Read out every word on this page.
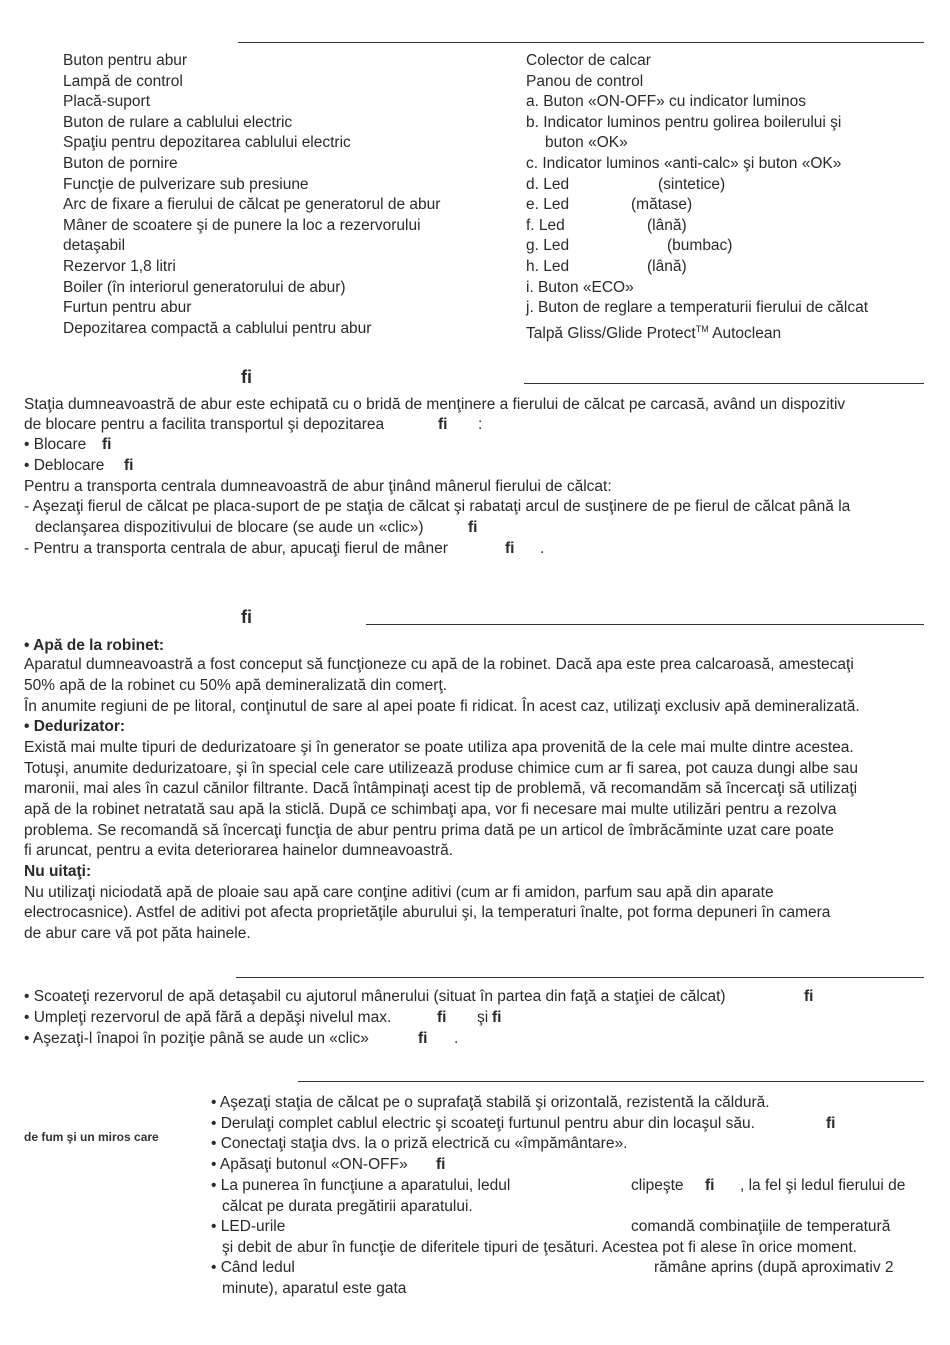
Buton pentru abur
Lampă de control
Placă-suport
Buton de rulare a cablului electric
Spaţiu pentru depozitarea cablului electric
Buton de pornire
Funcţie de pulverizare sub presiune
Arc de fixare a fierului de călcat pe generatorul de abur
Mâner de scoatere şi de punere la loc a rezervorului
detaşabil
Rezervor 1,8 litri
Boiler (în interiorul generatorului de abur)
Furtun pentru abur
Depozitarea compactă a cablului pentru abur
Colector de calcar
Panou de control
a. Buton «ON-OFF» cu indicator luminos
b. Indicator luminos pentru golirea boilerului şi
buton «OK»
c. Indicator luminos «anti-calc» şi buton «OK»
d. Led	(sintetice)

e. Led	(mătase)

f. Led	(lână)

g. Led	(bumbac)

h. Led	(lână)

i. Buton «ECO»
j. Buton de reglare a temperaturii fierului de călcat
Talpă Gliss/Glide Protect™ Autoclean
fi
Staţia dumneavoastră de abur este echipată cu o bridă de menţinere a fierului de călcat pe carcasă, având un dispozitiv
de blocare pentru a facilita transportul şi depozitarea	fi :
• Blocare fi
• Deblocare fi
Pentru a transporta centrala dumneavoastră de abur ţinând mânerul fierului de călcat:
- Aşezaţi fierul de călcat pe placa-suport de pe staţia de călcat şi rabataţi arcul de susţinere de pe fierul de călcat până la
declanşarea dispozitivului de blocare (se aude un «clic»)	fi
- Pentru a transporta centrala de abur, apucaţi fierul de mâner	fi .
fi
• Apă de la robinet:
Aparatul dumneavoastră a fost conceput să funcţioneze cu apă de la robinet. Dacă apa este prea calcaroasă, amestecaţi
50% apă de la robinet cu 50% apă demineralizată din comerţ.
În anumite regiuni de pe litoral, conţinutul de sare al apei poate fi ridicat. În acest caz, utilizaţi exclusiv apă demineralizată.
• Dedurizator:
Există mai multe tipuri de dedurizatoare şi în generator se poate utiliza apa provenită de la cele mai multe dintre acestea.
Totuşi, anumite dedurizatoare, şi în special cele care utilizează produse chimice cum ar fi sarea, pot cauza dungi albe sau
maronii, mai ales în cazul cănilor filtrante. Dacă întâmpinaţi acest tip de problemă, vă recomandăm să încercaţi să utilizaţi
apă de la robinet netratată sau apă la sticlă. După ce schimbaţi apa, vor fi necesare mai multe utilizări pentru a rezolva
problema. Se recomandă să încercaţi funcţia de abur pentru prima dată pe un articol de îmbrăcăminte uzat care poate
fi aruncat, pentru a evita deteriorarea hainelor dumneavoastră.
Nu uitaţi:
Nu utilizaţi niciodată apă de ploaie sau apă care conţine aditivi (cum ar fi amidon, parfum sau apă din aparate
electrocasnice). Astfel de aditivi pot afecta proprietăţile aburului şi, la temperaturi înalte, pot forma depuneri în camera
de abur care vă pot păta hainele.
• Scoateţi rezervorul de apă detaşabil cu ajutorul mânerului (situat în partea din faţă a staţiei de călcat)	fi
• Umpleţi rezervorul de apă fără a depăşi nivelul max.	fi şi fi
• Aşezaţi-l înapoi în poziţie până se aude un «clic»	fi .
de fum şi un miros care
• Aşezaţi staţia de călcat pe o suprafaţă stabilă şi orizontală, rezistentă la căldură.
• Derulaţi complet cablul electric şi scoateţi furtunul pentru abur din locaşul său.	fi
• Conectaţi staţia dvs. la o priză electrică cu «împământare».
• Apăsaţi butonul «ON-OFF» fi
• La punerea în funcţiune a aparatului, ledul	clipeşte fi , la fel şi ledul fierului de
călcat pe durata pregătirii aparatului.
• LED-urile	comandă combinaţiile de temperatură
şi debit de abur în funcţie de diferitele tipuri de ţesături. Acestea pot fi alese în orice moment.
• Când ledul	rămâne aprins (după aproximativ 2
minute), aparatul este gata
